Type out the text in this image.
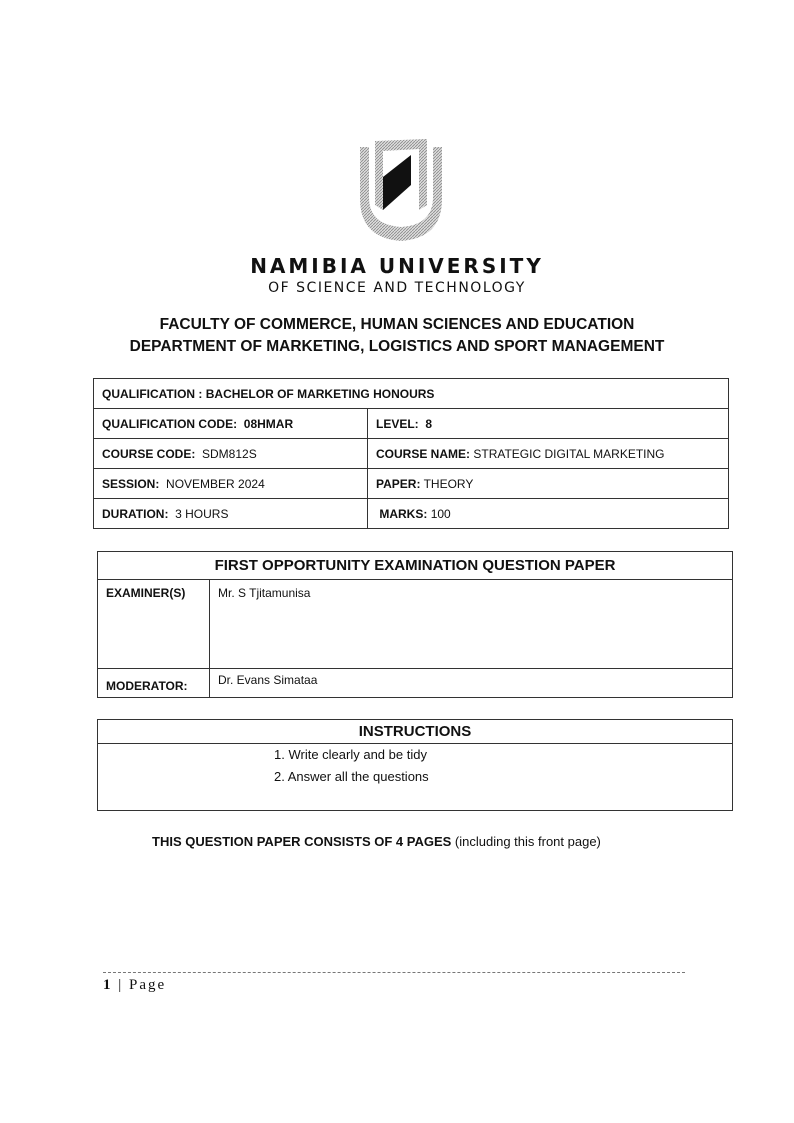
NAMIBIA UNIVERSITY
OF SCIENCE AND TECHNOLOGY
FACULTY OF COMMERCE, HUMAN SCIENCES AND EDUCATION
DEPARTMENT OF MARKETING, LOGISTICS AND SPORT MANAGEMENT
QUALIFICATION : BACHELOR OF MARKETING HONOURS	
QUALIFICATION CODE: 08HMAR	LEVEL: 8
COURSE CODE: SDM812S	COURSE NAME: STRATEGIC DIGITAL MARKETING
SESSION: NOVEMBER 2024	PAPER: THEORY
DURATION: 3 HOURS	MARKS: 100
FIRST OPPORTUNITY EXAMINATION QUESTION PAPER	
EXAMINER(S)	Mr. S Tjitamunisa
MODERATOR:	Dr. Evans Simataa
INSTRUCTIONS

1. Write clearly and be tidy
2. Answer all the questions
THIS QUESTION PAPER CONSISTS OF 4 PAGES (including this front page)
1 | Page
